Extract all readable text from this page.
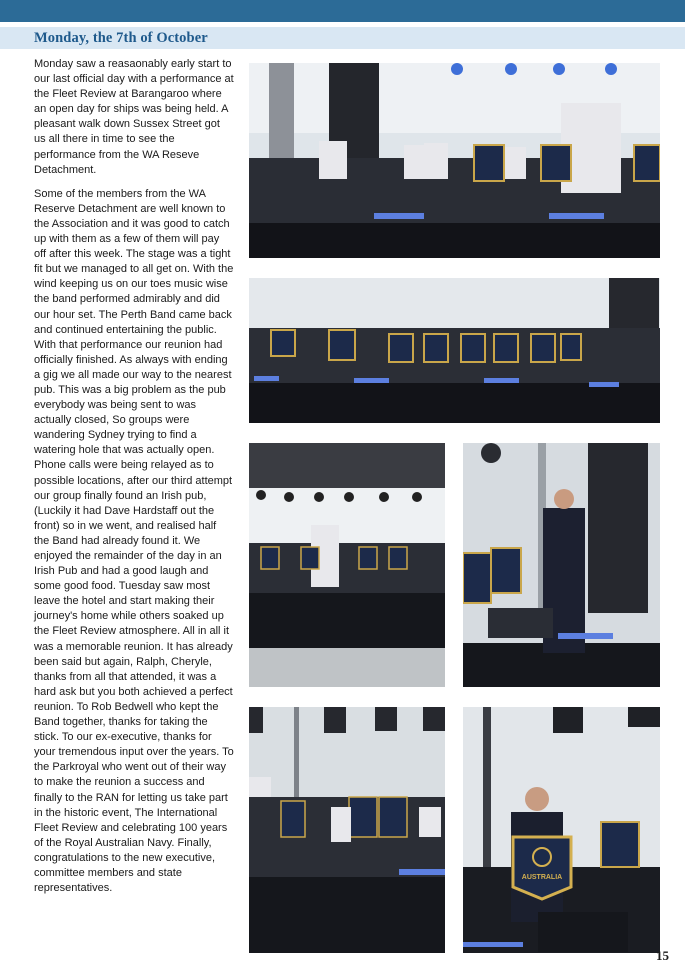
Monday, the 7th of October

Monday saw a reasaonably early start to our last official day with a performance at the Fleet Review at Barangaroo where an open day for ships was being held. A pleasant walk down Sussex Street got us all there in time to see the performance from the WA Reseve Detachment.

Some of the members from the WA Reserve Detachment are well known to the Association and it was good to catch up with them as a few of them will pay off after this week. The stage was a tight fit but we managed to all get on. With the wind keeping us on our toes music wise the band performed admirably and did our hour set. The Perth Band came back and continued entertaining the public. With that performance our reunion had officially finished. As always with ending a gig we all made our way to the nearest pub. This was a big problem as the pub everybody was being sent to was actually closed, So groups were wandering Sydney trying to find a watering hole that was actually open. Phone calls were being relayed as to possible locations, after our third attempt our group finally found an Irish pub, (Luckily it had Dave Hardstaff out the front) so in we went, and realised half the Band had already found it. We enjoyed the remainder of the day in an Irish Pub and had a good laugh and some good food. Tuesday saw most leave the hotel and start making their journey's home while others soaked up the Fleet Review atmosphere. All in all it was a memorable reunion. It has already been said but again, Ralph, Cheryle, thanks from all that attended, it was a hard ask but you both achieved a perfect reunion. To Rob Bedwell who kept the Band together, thanks for taking the stick. To our ex-executive, thanks for your tremendous input over the years. To the Parkroyal who went out of their way to make the reunion a success and finally to the RAN for letting us take part in the historic event, The International Fleet Review and celebrating 100 years of the Royal Australian Navy. Finally, congratulations to the new executive, committee members and state representatives.

AUSTRALIA
15
